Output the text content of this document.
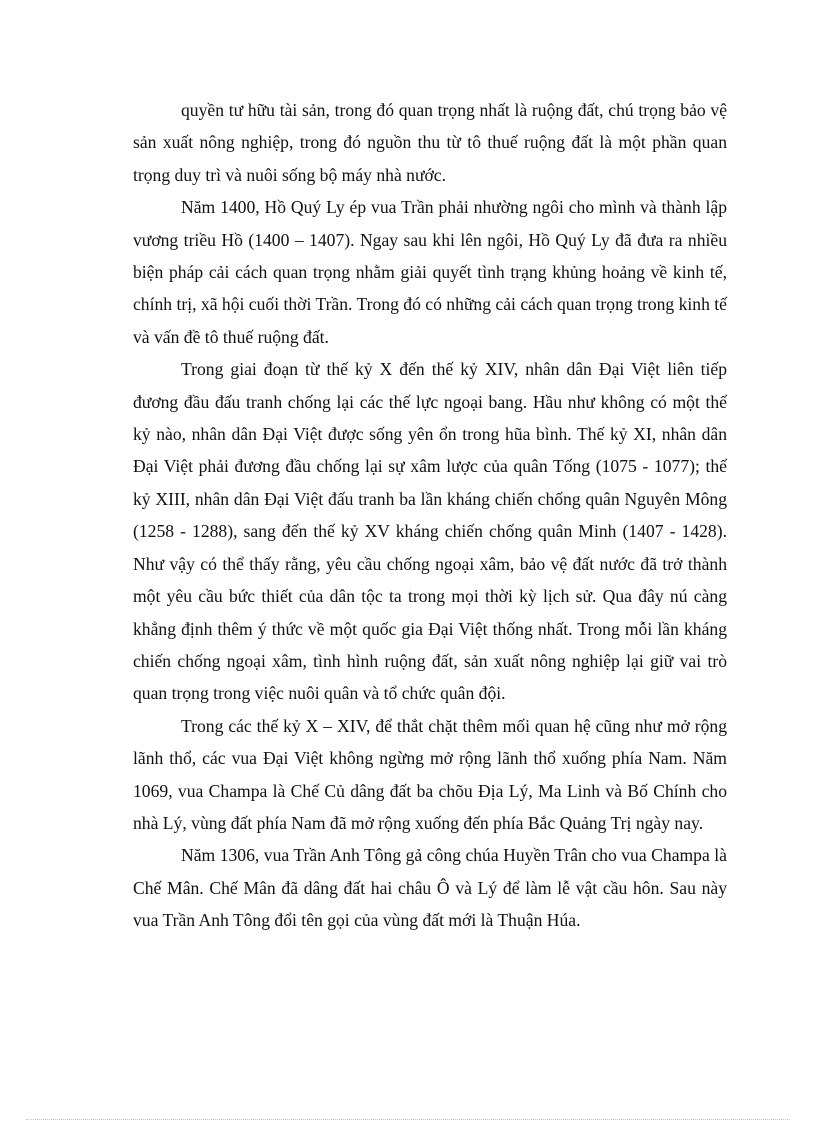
quyền tư hữu tài sản, trong đó quan trọng nhất là ruộng đất, chú trọng bảo vệ sản xuất nông nghiệp, trong đó nguồn thu từ tô thuế ruộng đất là một phần quan trọng duy trì và nuôi sống bộ máy nhà nước.

Năm 1400, Hồ Quý Ly ép vua Trần phải nhường ngôi cho mình và thành lập vương triều Hồ (1400 – 1407). Ngay sau khi lên ngôi, Hồ Quý Ly đã đưa ra nhiều biện pháp cải cách quan trọng nhằm giải quyết tình trạng khủng hoảng về kinh tế, chính trị, xã hội cuối thời Trần. Trong đó có những cải cách quan trọng trong kinh tế và vấn đề tô thuế ruộng đất.

Trong giai đoạn từ thế kỷ X đến thế kỷ XIV, nhân dân Đại Việt liên tiếp đương đầu đấu tranh chống lại các thế lực ngoại bang. Hầu như không có một thế kỷ nào, nhân dân Đại Việt được sống yên ổn trong hũa bình. Thế kỷ XI, nhân dân Đại Việt phải đương đầu chống lại sự xâm lược của quân Tống (1075 - 1077); thế kỷ XIII, nhân dân Đại Việt đấu tranh ba lần kháng chiến chống quân Nguyên Mông (1258 - 1288), sang đến thế kỷ XV kháng chiến chống quân Minh (1407 - 1428). Như vậy có thể thấy rằng, yêu cầu chống ngoại xâm, bảo vệ đất nước đã trở thành một yêu cầu bức thiết của dân tộc ta trong mọi thời kỳ lịch sử. Qua đây nú càng khẳng định thêm ý thức về một quốc gia Đại Việt thống nhất. Trong mỗi lần kháng chiến chống ngoại xâm, tình hình ruộng đất, sản xuất nông nghiệp lại giữ vai trò quan trọng trong việc nuôi quân và tổ chức quân đội.

Trong các thế kỷ X – XIV, để thắt chặt thêm mối quan hệ cũng như mở rộng lãnh thổ, các vua Đại Việt không ngừng mở rộng lãnh thổ xuống phía Nam. Năm 1069, vua Champa là Chế Củ dâng đất ba chõu Địa Lý, Ma Linh và Bố Chính cho nhà Lý, vùng đất phía Nam đã mở rộng xuống đến phía Bắc Quảng Trị ngày nay.

Năm 1306, vua Trần Anh Tông gả công chúa Huyền Trân cho vua Champa là Chế Mân. Chế Mân đã dâng đất hai châu Ô và Lý để làm lễ vật cầu hôn. Sau này vua Trần Anh Tông đổi tên gọi của vùng đất mới là Thuận Húa.
